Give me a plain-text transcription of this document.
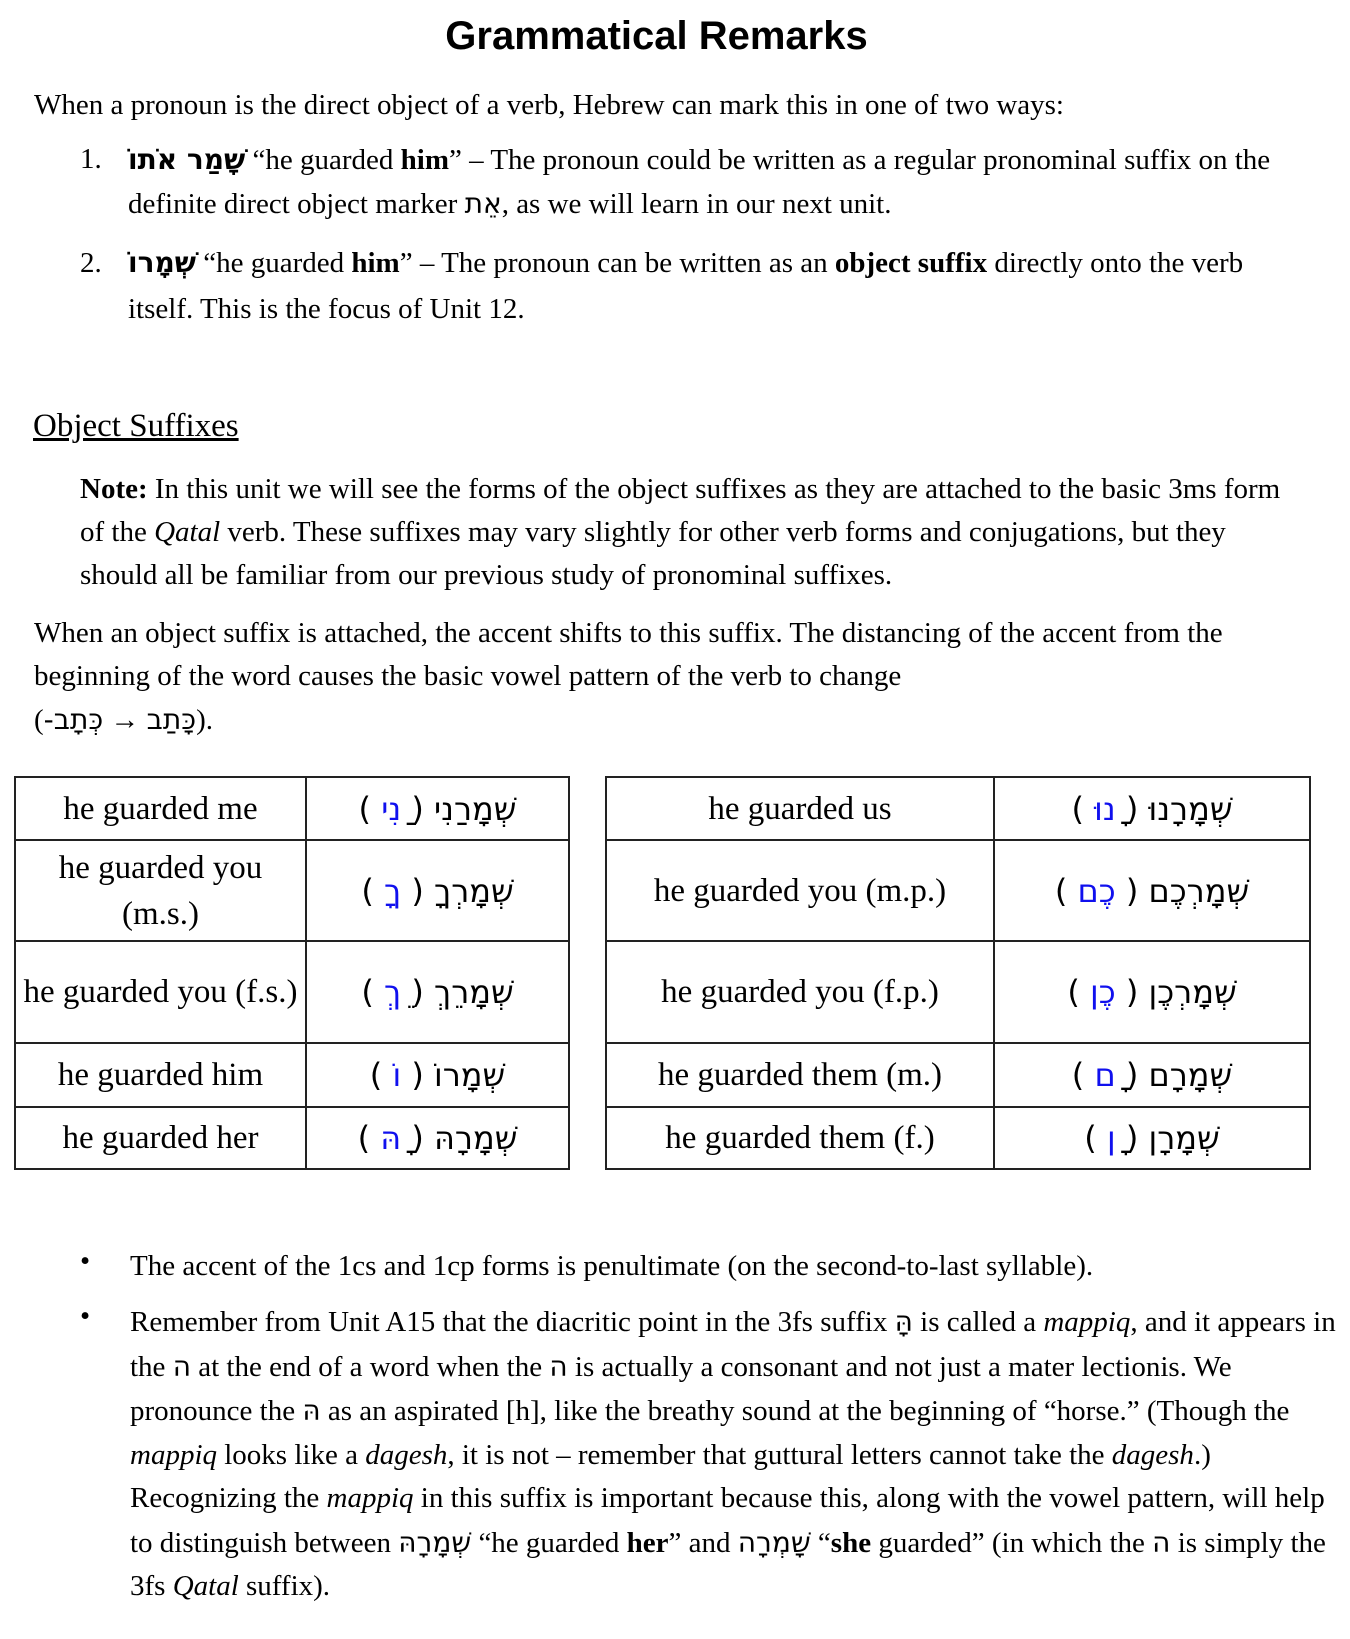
Grammatical Remarks

When a pronoun is the direct object of a verb, Hebrew can mark this in one of two ways:

1. שָׁמַר אֹתוֹ “he guarded him” – The pronoun could be written as a regular pronominal suffix on the definite direct object marker אֵת, as we will learn in our next unit.

2. שְׁמָרוֹ “he guarded him” – The pronoun can be written as an object suffix directly onto the verb itself. This is the focus of Unit 12.

Object Suffixes

Note: In this unit we will see the forms of the object suffixes as they are attached to the basic 3ms form of the Qatal verb. These suffixes may vary slightly for other verb forms and conjugations, but they should all be familiar from our previous study of pronominal suffixes.

When an object suffix is attached, the accent shifts to this suffix. The distancing of the accent from the beginning of the word causes the basic vowel pattern of the verb to change
(כְּתָב- → כָּתַב).

he guarded me	שְׁמָרַנִי ( ַנִי )
he guarded you (m.s.)	שְׁמָרְךָ ( ךָ )
he guarded you (f.s.)	שְׁמָרֵךְ ( ֵךְ )
he guarded him	שְׁמָרוֹ ( וֹ )
he guarded her	שְׁמָרָהּ ( ָהּ )
he guarded us	שְׁמָרָנוּ ( ָנוּ )
he guarded you (m.p.)	שְׁמָרְכֶם ( כֶם )
he guarded you (f.p.)	שְׁמָרְכֶן ( כֶן )
he guarded them (m.)	שְׁמָרָם ( ָם )
he guarded them (f.)	שְׁמָרָן ( ָן )
• The accent of the 1cs and 1cp forms is penultimate (on the second-to-last syllable).

• Remember from Unit A15 that the diacritic point in the 3fs suffix ָהּ is called a mappiq, and it appears in the ה at the end of a word when the ה is actually a consonant and not just a mater lectionis. We pronounce the הּ as an aspirated [h], like the breathy sound at the beginning of “horse.” (Though the mappiq looks like a dagesh, it is not – remember that guttural letters cannot take the dagesh.) Recognizing the mappiq in this suffix is important because this, along with the vowel pattern, will help to distinguish between שְׁמָרָהּ “he guarded her” and שָׁמְרָה “she guarded” (in which the ה is simply the 3fs Qatal suffix).
